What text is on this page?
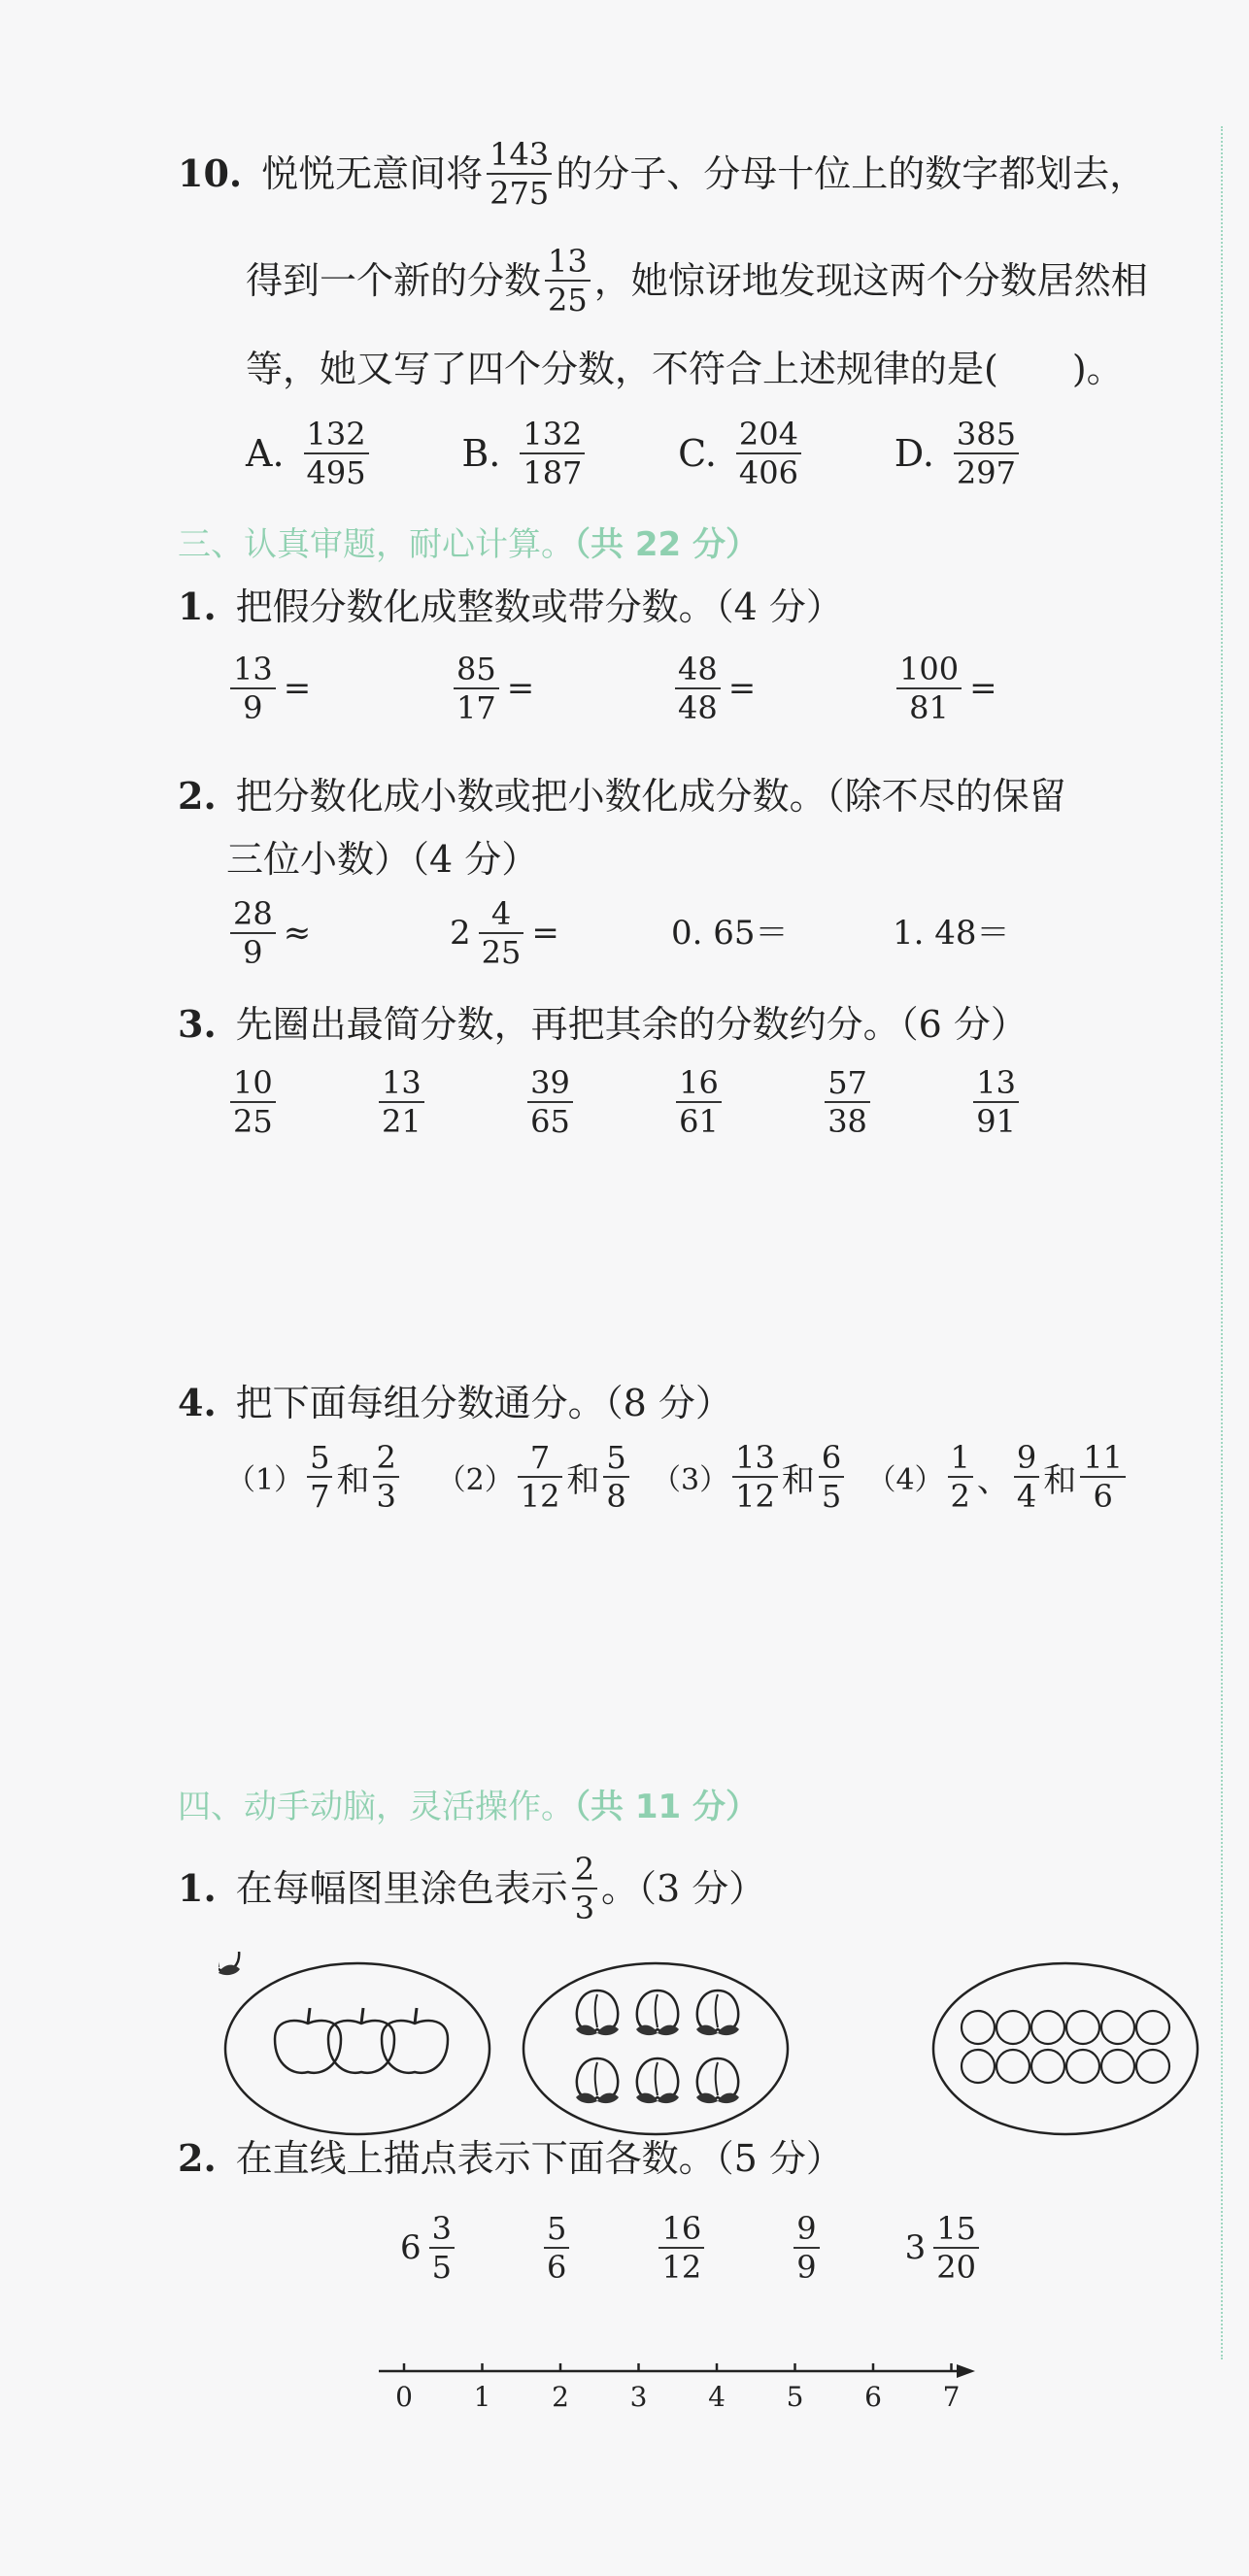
10. 悦悦无意间将 $\frac{143}{275}$ 的分子、分母十位上的数字都划去，
得到一个新的分数 $\frac{13}{25}$ ，她惊讶地发现这两个分数居然相
等，她又写了四个分数，不符合上述规律的是(　　)。
A. $\frac{132}{495}$	B. $\frac{132}{187}$	C. $\frac{204}{406}$	D. $\frac{385}{297}$
三、认真审题，耐心计算。（共 22 分）
1. 把假分数化成整数或带分数。（4 分）
$\frac{13}{9}$ =	$\frac{85}{17}$ =	$\frac{48}{48}$ =	$\frac{100}{81}$ =
2. 把分数化成小数或把小数化成分数。（除不尽的保留
三位小数）（4 分）
$\frac{28}{9}$ ≈	$2 \frac{4}{25}$ =	0. 65＝	1. 48＝
3. 先圈出最简分数，再把其余的分数约分。（6 分）
$\frac{10}{25}$	$\frac{13}{21}$	$\frac{39}{65}$	$\frac{16}{61}$	$\frac{57}{38}$	$\frac{13}{91}$
4. 把下面每组分数通分。（8 分）
$(1) \frac{5}{7}$ 和 $\frac{2}{3} (2) \frac{7}{12}$ 和 $\frac{5}{8} (3) \frac{13}{12}$ 和 $\frac{6}{5} (4) \frac{1}{2}$ 、 $\frac{9}{4}$ 和 $\frac{11}{6}$
四、动手动脑，灵活操作。（共 11 分）
1. 在每幅图里涂色表示 $\frac{2}{3}$ 。（3 分）
2. 在直线上描点表示下面各数。（5 分）
$6 \frac{3}{5}$	$\frac{5}{6}$	$\frac{16}{12}$	$\frac{9}{9}$	$3 \frac{15}{20}$
0 1 2 3 4 5 6 7
